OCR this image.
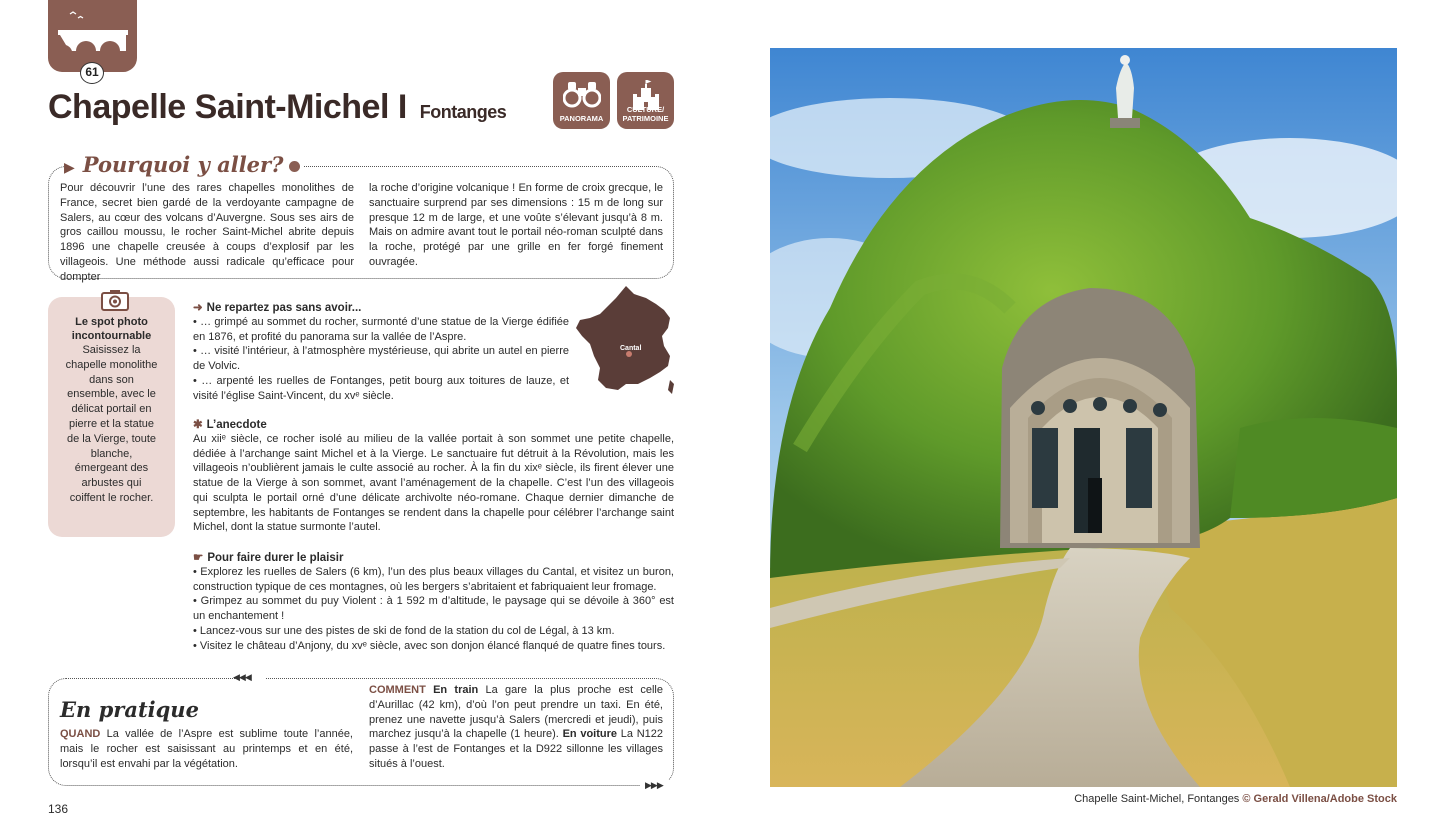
61
Chapelle Saint-Michel I Fontanges	PANORAMA
CULTURE/ PATRIMOINE
▶ Pourquoi y aller?
Pour découvrir l’une des rares chapelles monolithes de France, secret bien gardé de la verdoyante campagne de Salers, au cœur des volcans d’Auvergne. Sous ses airs de gros caillou moussu, le rocher Saint-Michel abrite depuis 1896 une chapelle creusée à coups d’explosif par les villageois. Une méthode aussi radicale qu’efficace pour dompter
la roche d’origine volcanique ! En forme de croix grecque, le sanctuaire surprend par ses dimensions : 15 m de long sur presque 12 m de large, et une voûte s’élevant jusqu’à 8 m. Mais on admire avant tout le portail néo-roman sculpté dans la roche, protégé par une grille en fer forgé finement ouvragée.
Le spot photo incontournable
Saisissez la chapelle monolithe dans son ensemble, avec le délicat portail en pierre et la statue de la Vierge, toute blanche, émergeant des arbustes qui coiffent le rocher.
Cantal
➜ Ne repartez pas sans avoir...
• … grimpé au sommet du rocher, surmonté d’une statue de la Vierge édifiée en 1876, et profité du panorama sur la vallée de l’Aspre.
• … visité l’intérieur, à l’atmosphère mystérieuse, qui abrite un autel en pierre de Volvic.
• … arpenté les ruelles de Fontanges, petit bourg aux toitures de lauze, et visité l’église Saint-Vincent, du xvᵉ siècle.
✱ L’anecdote
Au xiiᵉ siècle, ce rocher isolé au milieu de la vallée portait à son sommet une petite chapelle, dédiée à l’archange saint Michel et à la Vierge. Le sanctuaire fut détruit à la Révolution, mais les villageois n’oublièrent jamais le culte associé au rocher. À la fin du xixᵉ siècle, ils firent élever une statue de la Vierge à son sommet, avant l’aménagement de la chapelle. C’est l’un des villageois qui sculpta le portail orné d’une délicate archivolte néo-romane. Chaque dernier dimanche de septembre, les habitants de Fontanges se rendent dans la chapelle pour célébrer l’archange saint Michel, dont la statue surmonte l’autel.
☛ Pour faire durer le plaisir
• Explorez les ruelles de Salers (6 km), l’un des plus beaux villages du Cantal, et visitez un buron, construction typique de ces montagnes, où les bergers s’abritaient et fabriquaient leur fromage.
• Grimpez au sommet du puy Violent : à 1 592 m d’altitude, le paysage qui se dévoile à 360° est un enchantement !
• Lancez-vous sur une des pistes de ski de fond de la station du col de Légal, à 13 km.
• Visitez le château d’Anjony, du xvᵉ siècle, avec son donjon élancé flanqué de quatre fines tours.
◀◀◀
▶▶▶
En pratique
QUAND La vallée de l’Aspre est sublime toute l’année, mais le rocher est saisissant au printemps et en été, lorsqu’il est envahi par la végétation.
COMMENT En train La gare la plus proche est celle d’Aurillac (42 km), d’où l’on peut prendre un taxi. En été, prenez une navette jusqu’à Salers (mercredi et jeudi), puis marchez jusqu’à la chapelle (1 heure). En voiture La N122 passe à l’est de Fontanges et la D922 sillonne les villages situés à l’ouest.
136
Chapelle Saint-Michel, Fontanges © Gerald Villena/Adobe Stock
